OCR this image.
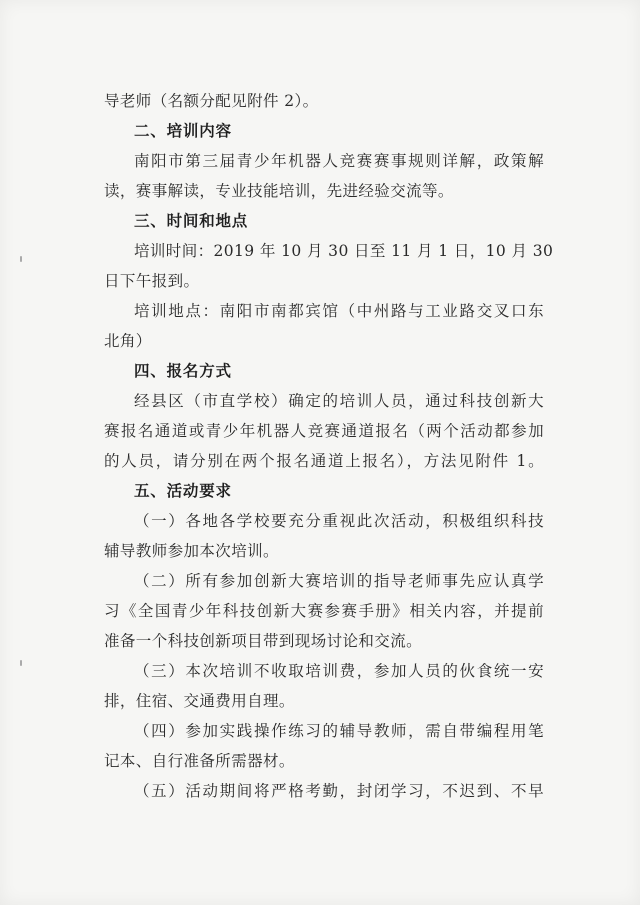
导老师（名额分配见附件 2）。
二、培训内容
南阳市第三届青少年机器人竞赛赛事规则详解，政策解
读，赛事解读，专业技能培训，先进经验交流等。
三、时间和地点
培训时间：2019 年 10 月 30 日至 11 月 1 日，10 月 30
日下午报到。
培训地点：南阳市南都宾馆（中州路与工业路交叉口东
北角）
四、报名方式
经县区（市直学校）确定的培训人员，通过科技创新大
赛报名通道或青少年机器人竞赛通道报名（两个活动都参加
的人员，请分别在两个报名通道上报名），方法见附件 1。
五、活动要求
（一）各地各学校要充分重视此次活动，积极组织科技
辅导教师参加本次培训。
（二）所有参加创新大赛培训的指导老师事先应认真学
习《全国青少年科技创新大赛参赛手册》相关内容，并提前
准备一个科技创新项目带到现场讨论和交流。
（三）本次培训不收取培训费，参加人员的伙食统一安
排，住宿、交通费用自理。
（四）参加实践操作练习的辅导教师，需自带编程用笔
记本、自行准备所需器材。
（五）活动期间将严格考勤，封闭学习，不迟到、不早
